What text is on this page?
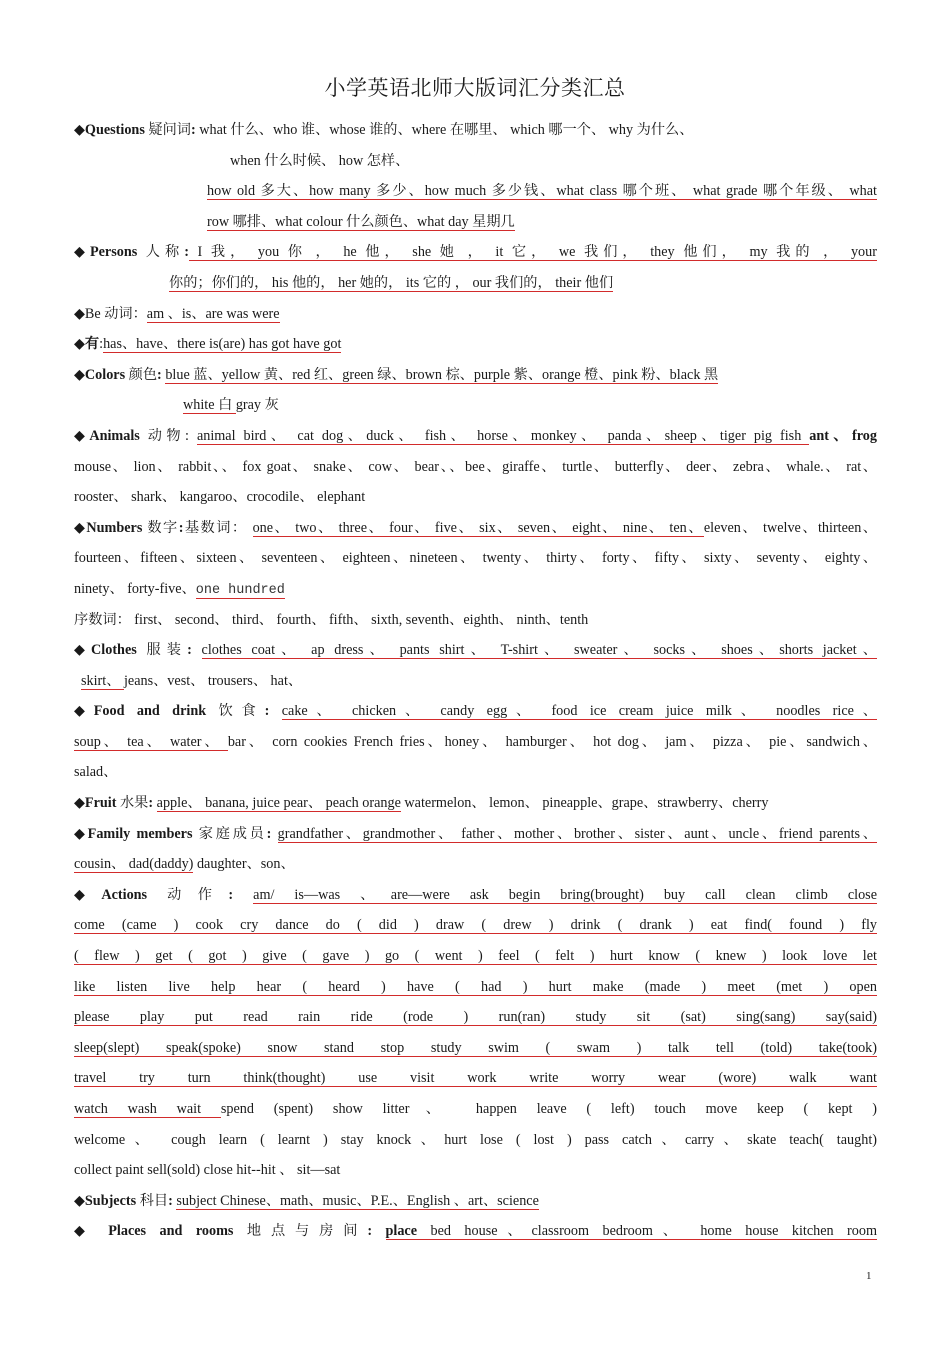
小学英语北师大版词汇分类汇总
◆Questions 疑问词: what 什么、who 谁、whose 谁的、where 在哪里、 which 哪一个、 why 为什么、
when 什么时候、 how 怎样、
how old 多大、how many 多少、how much 多少钱、what class 哪个班、 what grade 哪个年级、 what
row 哪排、what colour 什么颜色、what day 星期几
◆Persons 人称: I 我， you 你 ， he 他， she 她 ， it 它， we 我们， they 他们， my 我的 ， your
你的；你们的， his 他的， her 她的， its 它的 ， our 我们的， their 他们
◆Be 动词：am 、is、are was were
◆有:has、have、there is(are) has got have got
◆Colors 颜色: blue 蓝、yellow 黄、red 红、green 绿、brown 棕、purple 紫、orange 橙、pink 粉、black 黑
white 白 gray 灰
◆Animals 动物: animal bird、 cat dog、duck、 fish、 horse、monkey、 panda、sheep、tiger pig fish ant、frog
mouse、 lion、 rabbit、、 fox goat、 snake、 cow、 bear、、bee、giraffe、 turtle、 butterfly、 deer、 zebra、 whale.、 rat、
rooster、 shark、 kangaroo、crocodile、 elephant
◆Numbers 数字:基数词： one、 two、 three、 four、 five、 six、 seven、 eight、 nine、 ten、eleven、 twelve、thirteen、
fourteen、fifteen、sixteen、 seventeen、 eighteen、nineteen、 twenty、 thirty、 forty、 fifty、 sixty、 seventy、 eighty、
ninety、 forty-five、one hundred
序数词： first、 second、 third、 fourth、 fifth、 sixth, seventh、eighth、 ninth、tenth
◆Clothes 服装: clothes coat、 ap dress、 pants shirt、 T-shirt、 sweater、 socks、 shoes、shorts jacket、
skirt、 jeans、vest、 trousers、 hat、
◆Food and drink 饮食: cake、 chicken、 candy egg、 food ice cream juice milk、 noodles rice、
soup、 tea、 water、 bar、 corn cookies French fries、honey、 hamburger、 hot dog、 jam、 pizza、 pie、sandwich、
salad、
◆Fruit 水果: apple、 banana, juice pear、 peach orange watermelon、 lemon、 pineapple、grape、strawberry、cherry
◆Family members 家庭成员: grandfather、grandmother、 father、mother、brother、sister、aunt、uncle、friend parents、
cousin、 dad(daddy) daughter、son、
◆Actions 动作: am/ is—was 、are—were ask begin bring(brought) buy call clean climb close
come (came ) cook cry dance do ( did ) draw ( drew ) drink ( drank ) eat find( found ) fly
( flew ) get ( got ) give ( gave ) go ( went ) feel ( felt ) hurt know ( knew ) look love let
like listen live help hear ( heard ) have ( had ) hurt make (made ) meet (met ) open
please play put read rain ride (rode ) run(ran) study sit (sat) sing(sang) say(said)
sleep(slept) speak(spoke) snow stand stop study swim ( swam ) talk tell (told) take(took)
travel try turn think(thought) use visit work write worry wear (wore) walk want
watch wash wait spend (spent) show litter、 happen leave ( left) touch move keep ( kept )
welcome、 cough learn ( learnt ) stay knock、hurt lose ( lost ) pass catch、carry、skate teach( taught)
collect paint sell(sold) close hit--hit 、 sit—sat
◆Subjects 科目: subject Chinese、math、music、P.E.、English 、art、science
◆ Places and rooms 地点与房间: place bed house、classroom bedroom、 home house kitchen room
1
